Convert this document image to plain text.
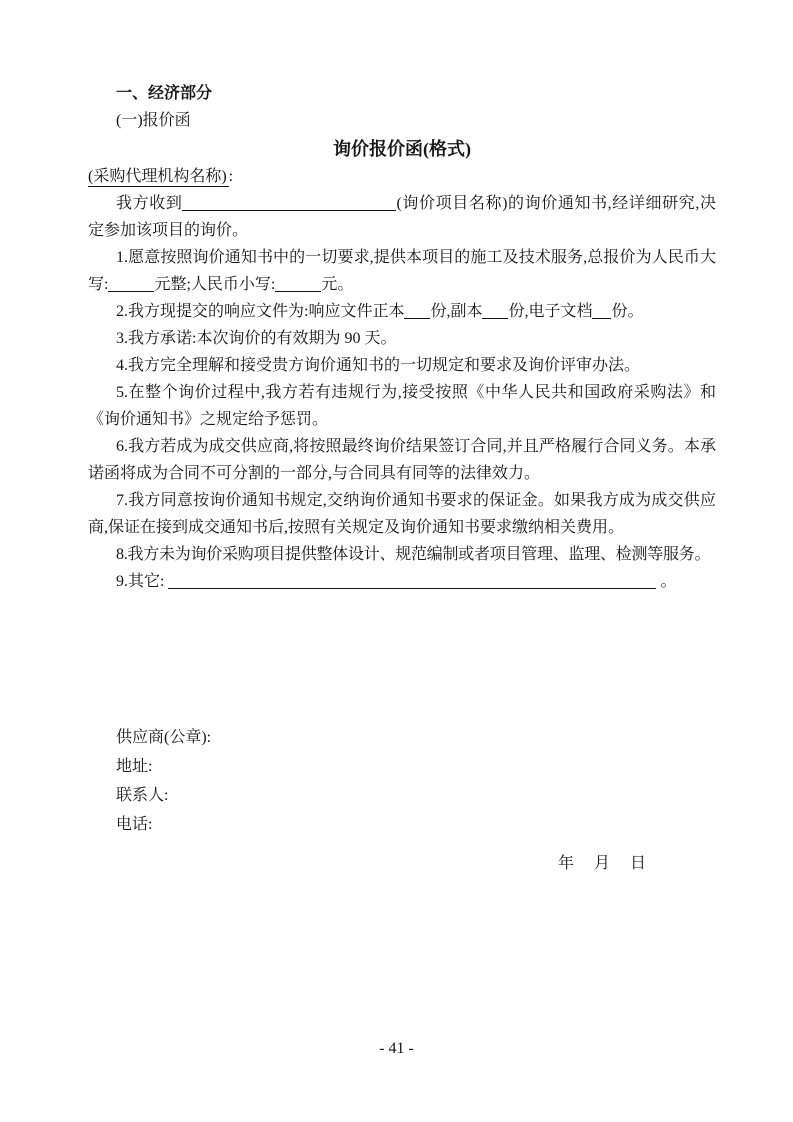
一、经济部分

(一)报价函

询价报价函(格式)

(采购代理机构名称) :

我方收到	(询价项目名称)的询价通知书,经详细研究,决定参加该项目的询价。

1.愿意按照询价通知书中的一切要求,提供本项目的施工及技术服务,总报价为人民币大写:	元整;人民币小写:	元。

2.我方现提交的响应文件为:响应文件正本 份,副本 份,电子文档 份。

3.我方承诺:本次询价的有效期为 90 天。

4.我方完全理解和接受贵方询价通知书的一切规定和要求及询价评审办法。

5.在整个询价过程中,我方若有违规行为,接受按照《中华人民共和国政府采购法》和《询价通知书》之规定给予惩罚。

6.我方若成为成交供应商,将按照最终询价结果签订合同,并且严格履行合同义务。本承诺函将成为合同不可分割的一部分,与合同具有同等的法律效力。

7.我方同意按询价通知书规定,交纳询价通知书要求的保证金。如果我方成为成交供应商,保证在接到成交通知书后,按照有关规定及询价通知书要求缴纳相关费用。

8.我方未为询价采购项目提供整体设计、规范编制或者项目管理、监理、检测等服务。

9.其它:	。

供应商(公章):
地址:
联系人:
电话:

年　 月　 日

- 41 -
